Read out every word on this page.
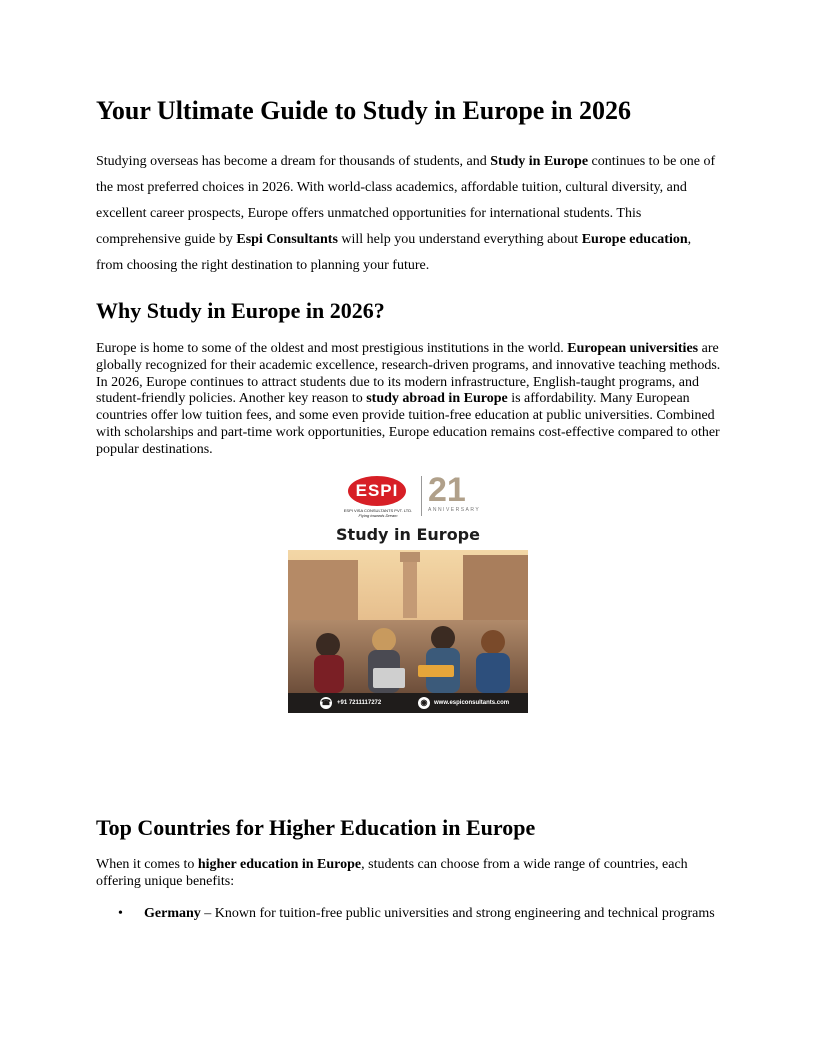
Your Ultimate Guide to Study in Europe in 2026

Studying overseas has become a dream for thousands of students, and Study in Europe continues to be one of the most preferred choices in 2026. With world-class academics, affordable tuition, cultural diversity, and excellent career prospects, Europe offers unmatched opportunities for international students. This comprehensive guide by Espi Consultants will help you understand everything about Europe education, from choosing the right destination to planning your future.

Why Study in Europe in 2026?

Europe is home to some of the oldest and most prestigious institutions in the world. European universities are globally recognized for their academic excellence, research-driven programs, and innovative teaching methods. In 2026, Europe continues to attract students due to its modern infrastructure, English-taught programs, and student-friendly policies. Another key reason to study abroad in Europe is affordability. Many European countries offer low tuition fees, and some even provide tuition-free education at public universities. Combined with scholarships and part-time work opportunities, Europe education remains cost-effective compared to other popular destinations.

ESPI
ESPI VISA CONSULTANTS PVT. LTD.
Flying towards Dream
21
ANNIVERSARY
Study in Europe
☎ +91 7211117272	◉	www.espiconsultants.com
Top Countries for Higher Education in Europe

When it comes to higher education in Europe, students can choose from a wide range of countries, each offering unique benefits:

• Germany – Known for tuition-free public universities and strong engineering and technical programs
